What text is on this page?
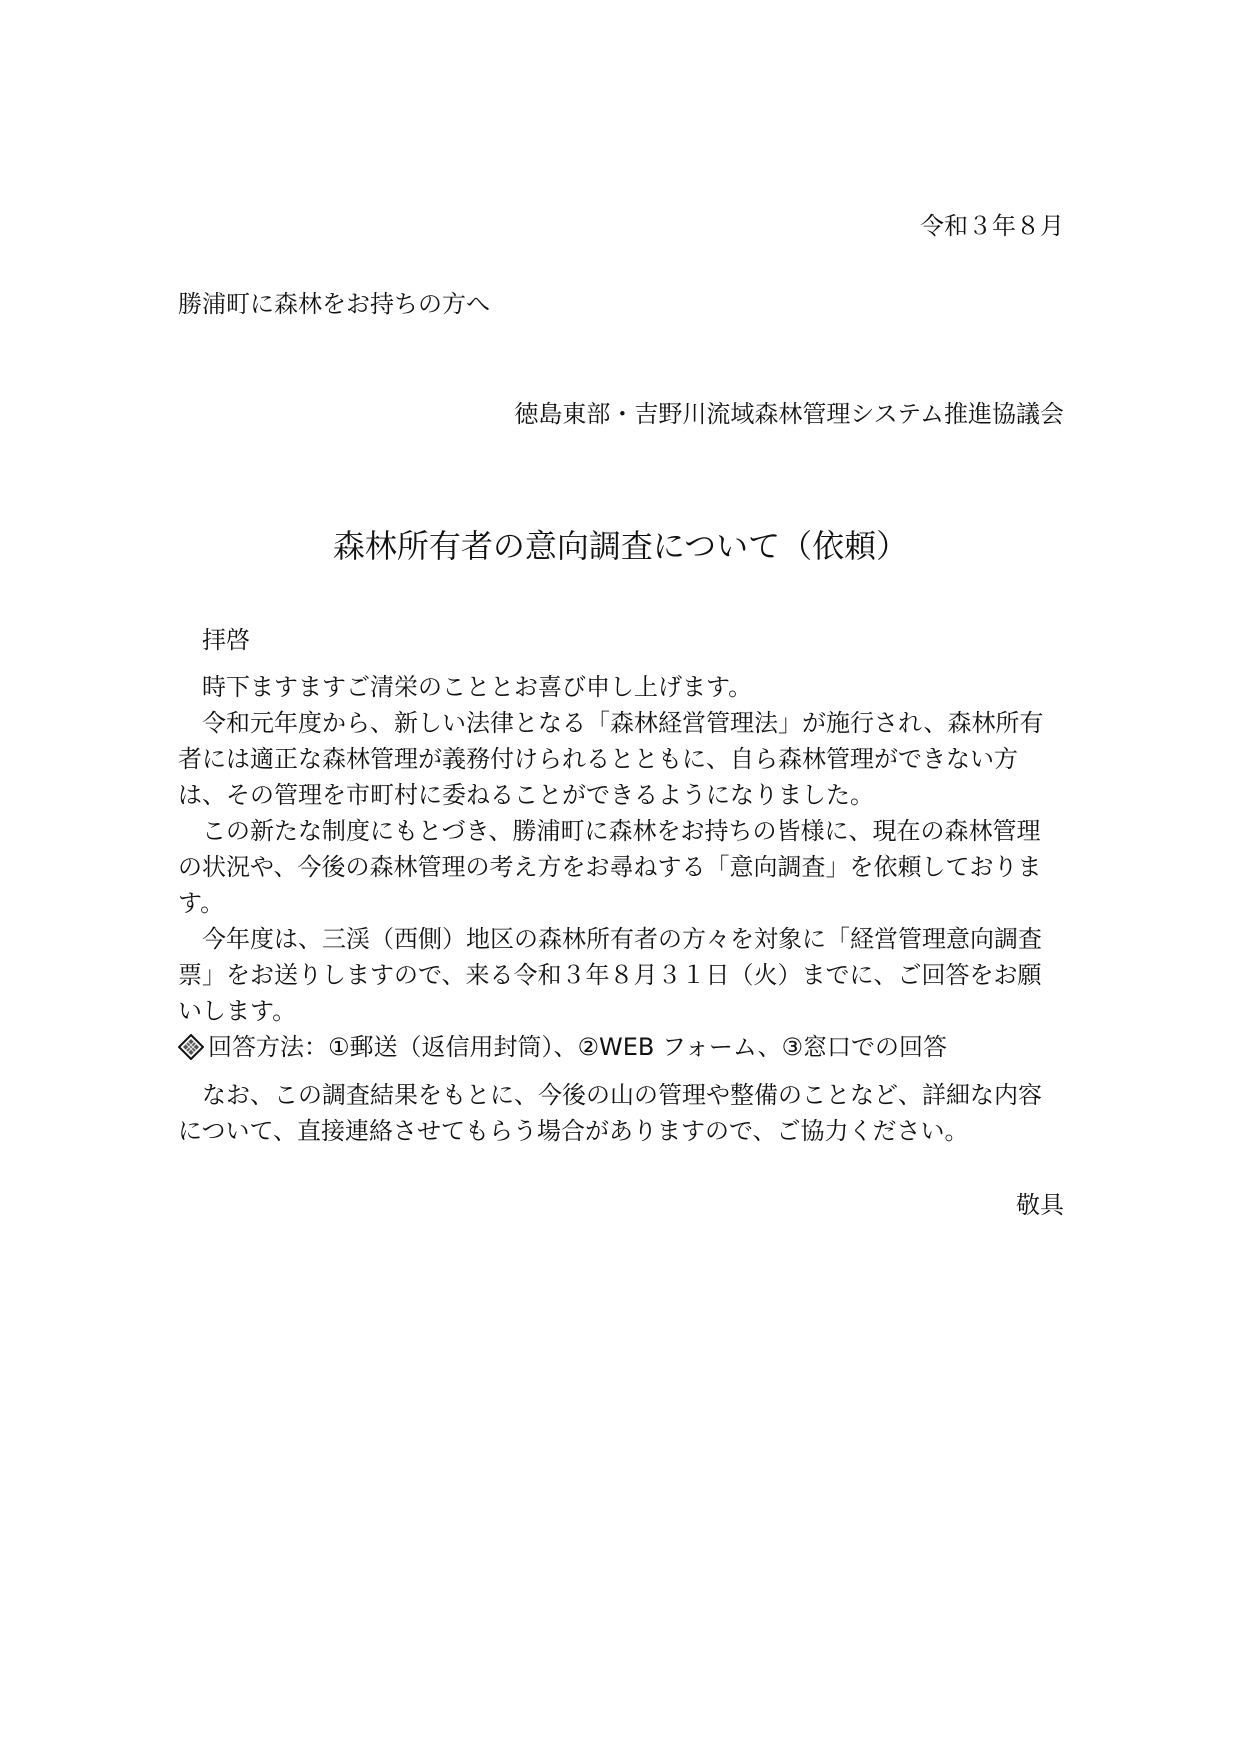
令和３年８月
勝浦町に森林をお持ちの方へ
徳島東部・吉野川流域森林管理システム推進協議会
森林所有者の意向調査について（依頼）
拝啓
時下ますますご清栄のこととお喜び申し上げます。
令和元年度から、新しい法律となる「森林経営管理法」が施行され、森林所有
者には適正な森林管理が義務付けられるとともに、自ら森林管理ができない方
は、その管理を市町村に委ねることができるようになりました。
この新たな制度にもとづき、勝浦町に森林をお持ちの皆様に、現在の森林管理
の状況や、今後の森林管理の考え方をお尋ねする「意向調査」を依頼しておりま
す。
今年度は、三渓（西側）地区の森林所有者の方々を対象に「経営管理意向調査
票」をお送りしますので、来る令和３年８月３１日（火）までに、ご回答をお願
いします。
回答方法：①郵送（返信用封筒）、②WEB フォーム、③窓口での回答
なお、この調査結果をもとに、今後の山の管理や整備のことなど、詳細な内容
について、直接連絡させてもらう場合がありますので、ご協力ください。
敬具
